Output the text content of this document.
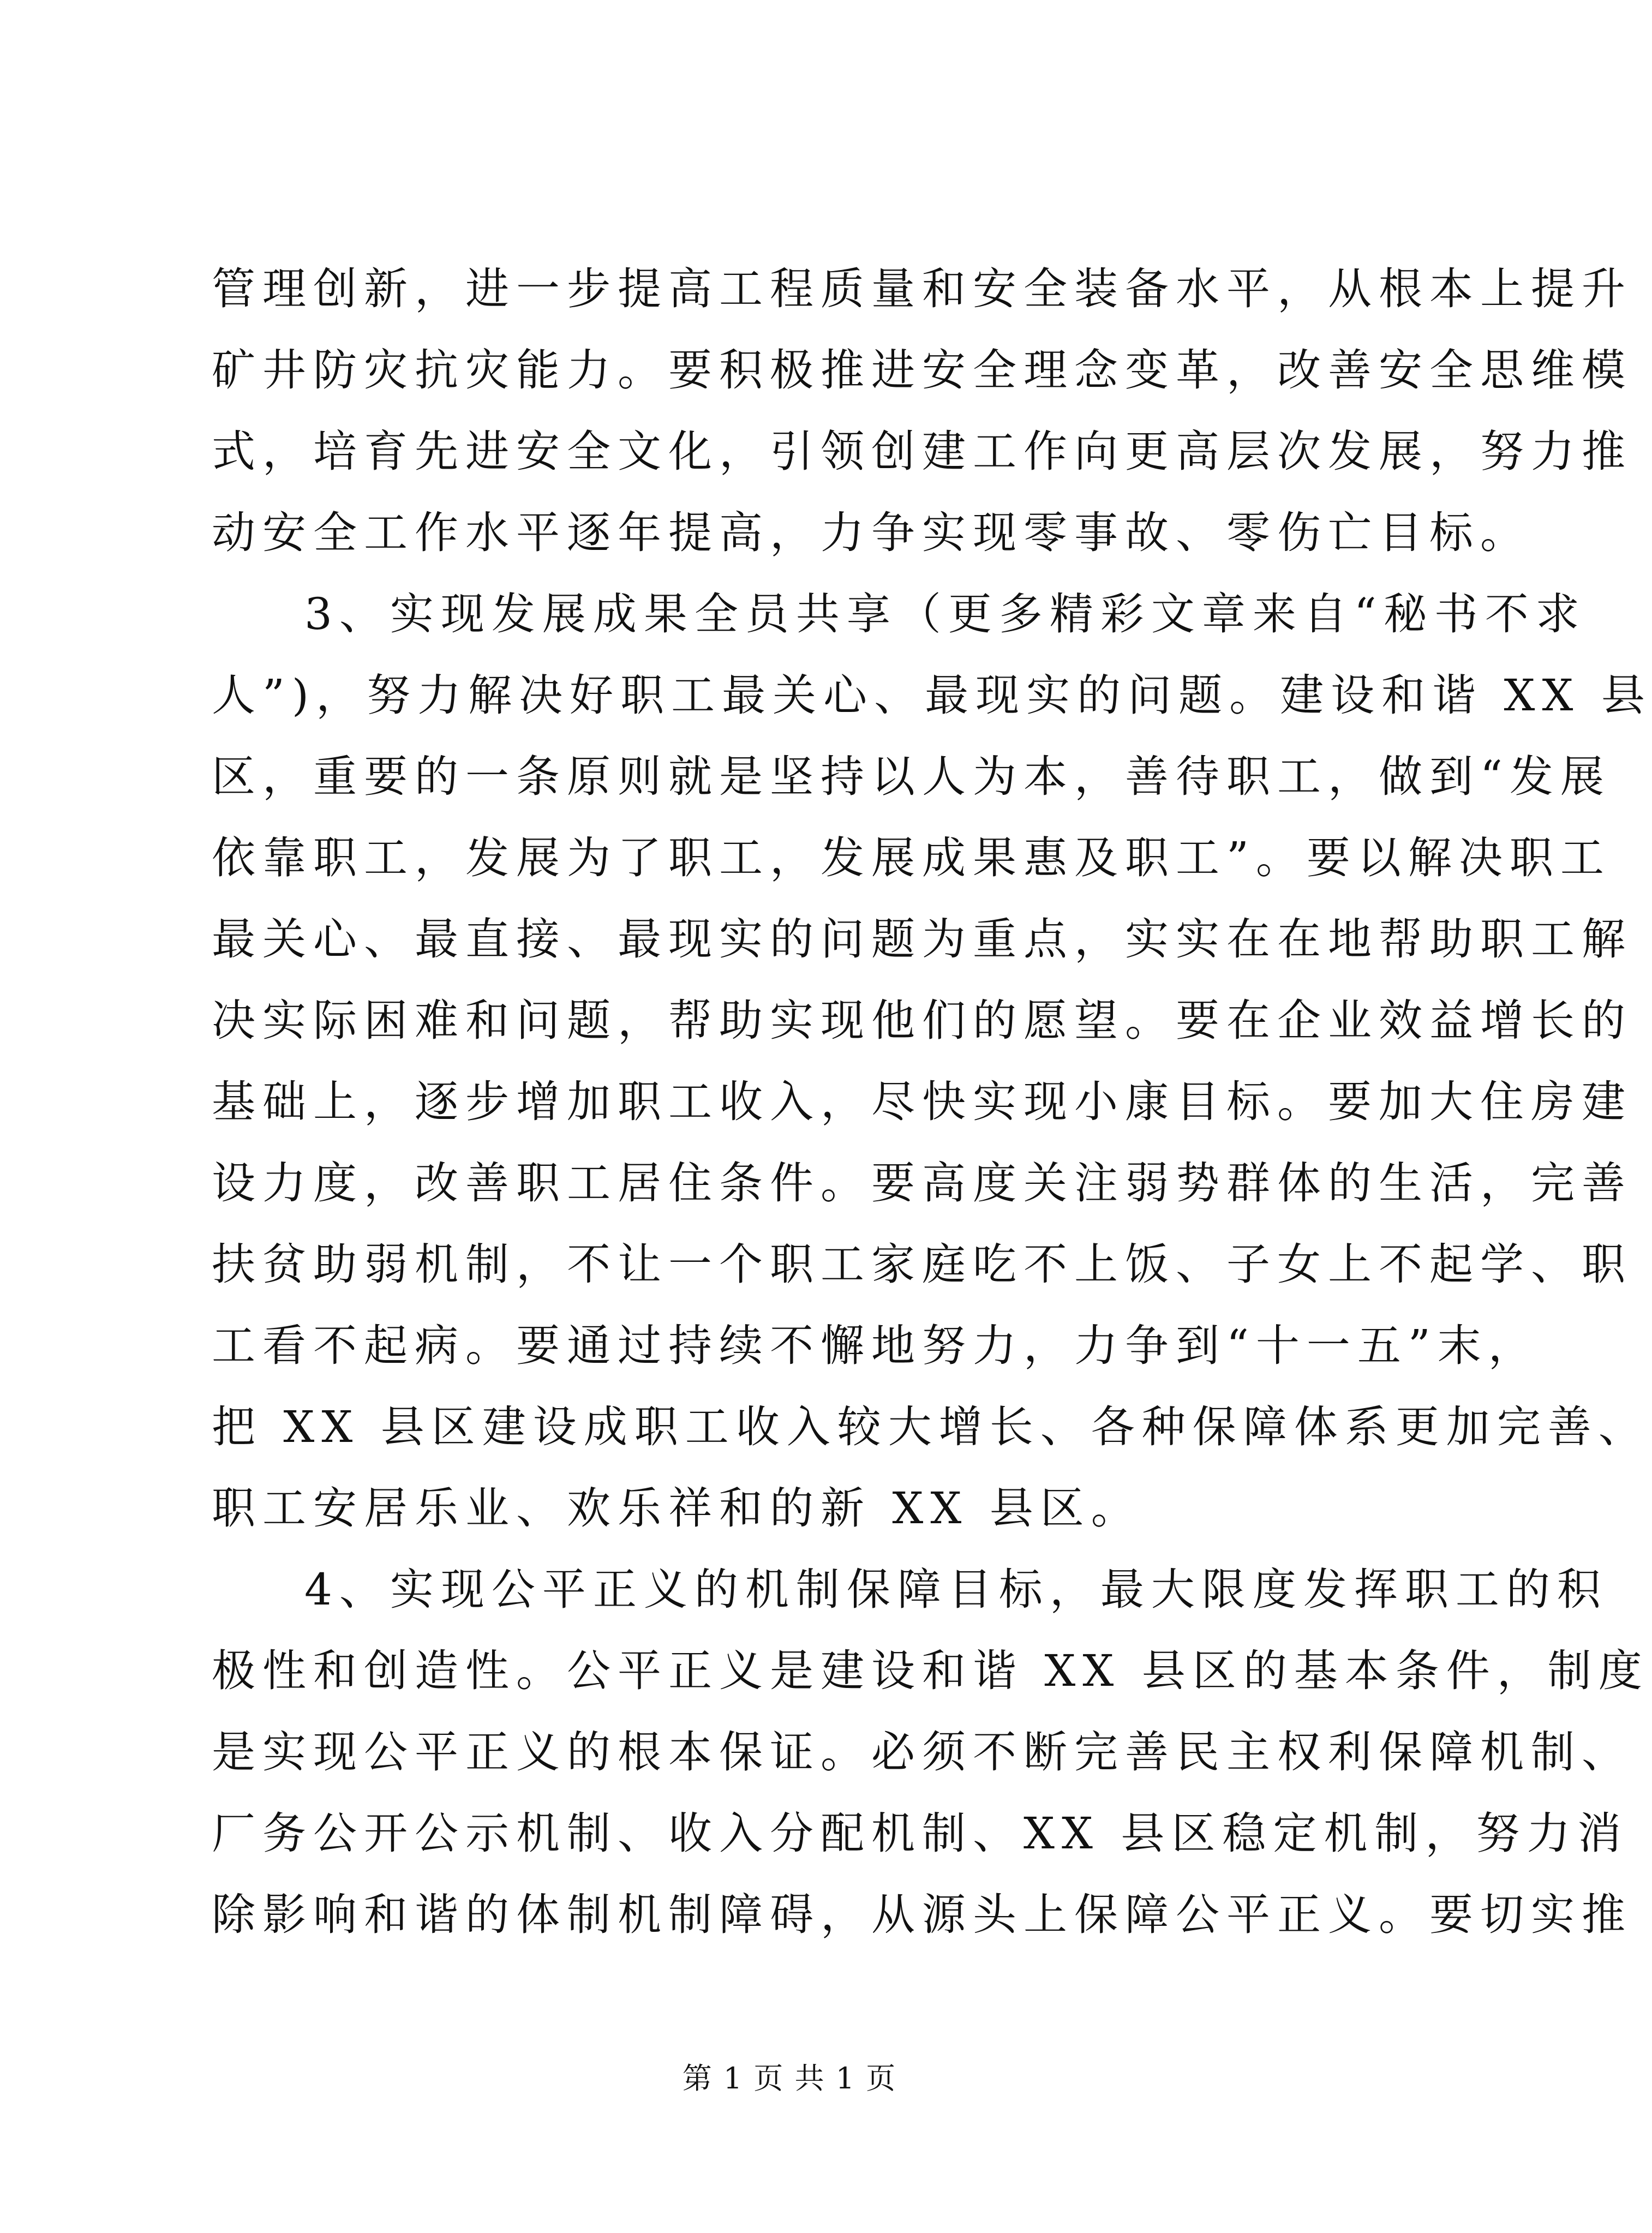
管理创新，进一步提高工程质量和安全装备水平，从根本上提升
矿井防灾抗灾能力。要积极推进安全理念变革，改善安全思维模
式，培育先进安全文化，引领创建工作向更高层次发展，努力推
动安全工作水平逐年提高，力争实现零事故、零伤亡目标。
3、实现发展成果全员共享（更多精彩文章来自“秘书不求
人”)，努力解决好职工最关心、最现实的问题。建设和谐 XX 县
区，重要的一条原则就是坚持以人为本，善待职工，做到“发展
依靠职工，发展为了职工，发展成果惠及职工”。要以解决职工
最关心、最直接、最现实的问题为重点，实实在在地帮助职工解
决实际困难和问题，帮助实现他们的愿望。要在企业效益增长的
基础上，逐步增加职工收入，尽快实现小康目标。要加大住房建
设力度，改善职工居住条件。要高度关注弱势群体的生活，完善
扶贫助弱机制，不让一个职工家庭吃不上饭、子女上不起学、职
工看不起病。要通过持续不懈地努力，力争到“十一五”末，
把 XX 县区建设成职工收入较大增长、各种保障体系更加完善、
职工安居乐业、欢乐祥和的新 XX 县区。
4、实现公平正义的机制保障目标，最大限度发挥职工的积
极性和创造性。公平正义是建设和谐 XX 县区的基本条件，制度
是实现公平正义的根本保证。必须不断完善民主权利保障机制、
厂务公开公示机制、收入分配机制、XX 县区稳定机制，努力消
除影响和谐的体制机制障碍，从源头上保障公平正义。要切实推
第 1 页 共 1 页
